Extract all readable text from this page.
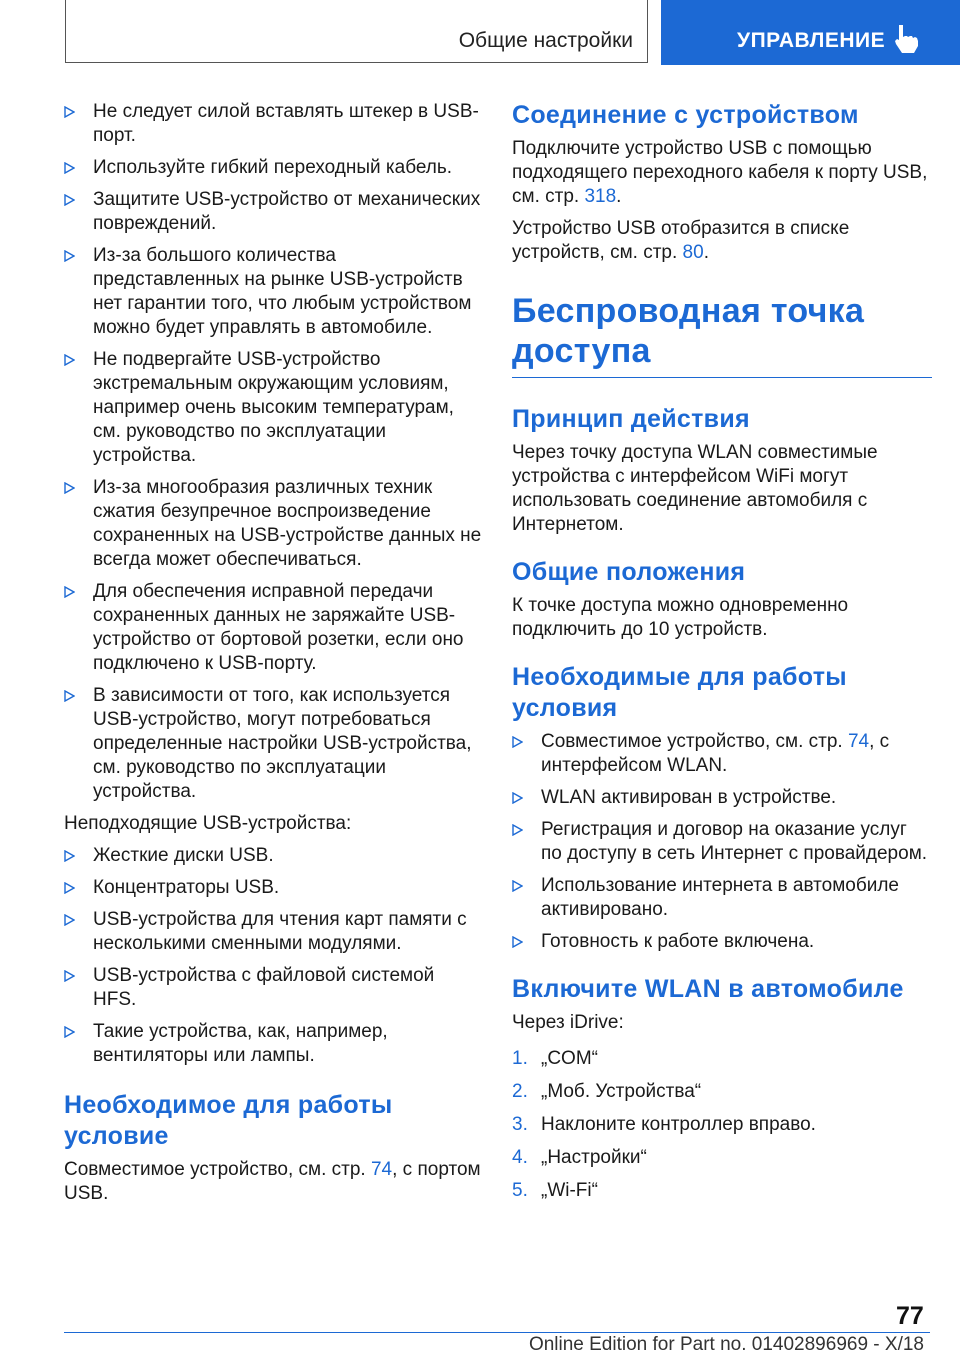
Общие настройки	УПРАВЛЕНИЕ
Не следует силой вставлять штекер в USB-порт.
Используйте гибкий переходный кабель.
Защитите USB-устройство от механических повреждений.
Из-за большого количества представленных на рынке USB-устройств нет гарантии того, что любым устройством можно будет управлять в автомобиле.
Не подвергайте USB-устройство экстремальным окружающим условиям, например очень высоким температурам, см. руководство по эксплуатации устройства.
Из-за многообразия различных техник сжатия безупречное воспроизведение сохраненных на USB-устройстве данных не всегда может обеспечиваться.
Для обеспечения исправной передачи сохраненных данных не заряжайте USB-устройство от бортовой розетки, если оно подключено к USB-порту.
В зависимости от того, как используется USB-устройство, могут потребоваться определенные настройки USB-устройства, см. руководство по эксплуатации устройства.

Неподходящие USB-устройства:

Жесткие диски USB.
Концентраторы USB.
USB-устройства для чтения карт памяти с несколькими сменными модулями.
USB-устройства с файловой системой HFS.
Такие устройства, как, например, вентиляторы или лампы.
Необходимое для работы условие

Совместимое устройство, см. стр. 74, с портом USB.

Соединение с устройством

Подключите устройство USB с помощью подходящего переходного кабеля к порту USB, см. стр. 318.

Устройство USB отобразится в списке устройств, см. стр. 80.

Беспроводная точка доступа
Принцип действия

Через точку доступа WLAN совместимые устройства с интерфейсом WiFi могут использовать соединение автомобиля с Интернетом.

Общие положения

К точке доступа можно одновременно подключить до 10 устройств.

Необходимые для работы условия
Совместимое устройство, см. стр. 74, с интерфейсом WLAN.
WLAN активирован в устройстве.
Регистрация и договор на оказание услуг по доступу в сеть Интернет с провайдером.
Использование интернета в автомобиле активировано.
Готовность к работе включена.
Включите WLAN в автомобиле

Через iDrive:

1. „COM“
2. „Моб. Устройства“
3. Наклоните контроллер вправо.
4. „Настройки“
5. „Wi-Fi“
77
Online Edition for Part no. 01402896969 - X/18
